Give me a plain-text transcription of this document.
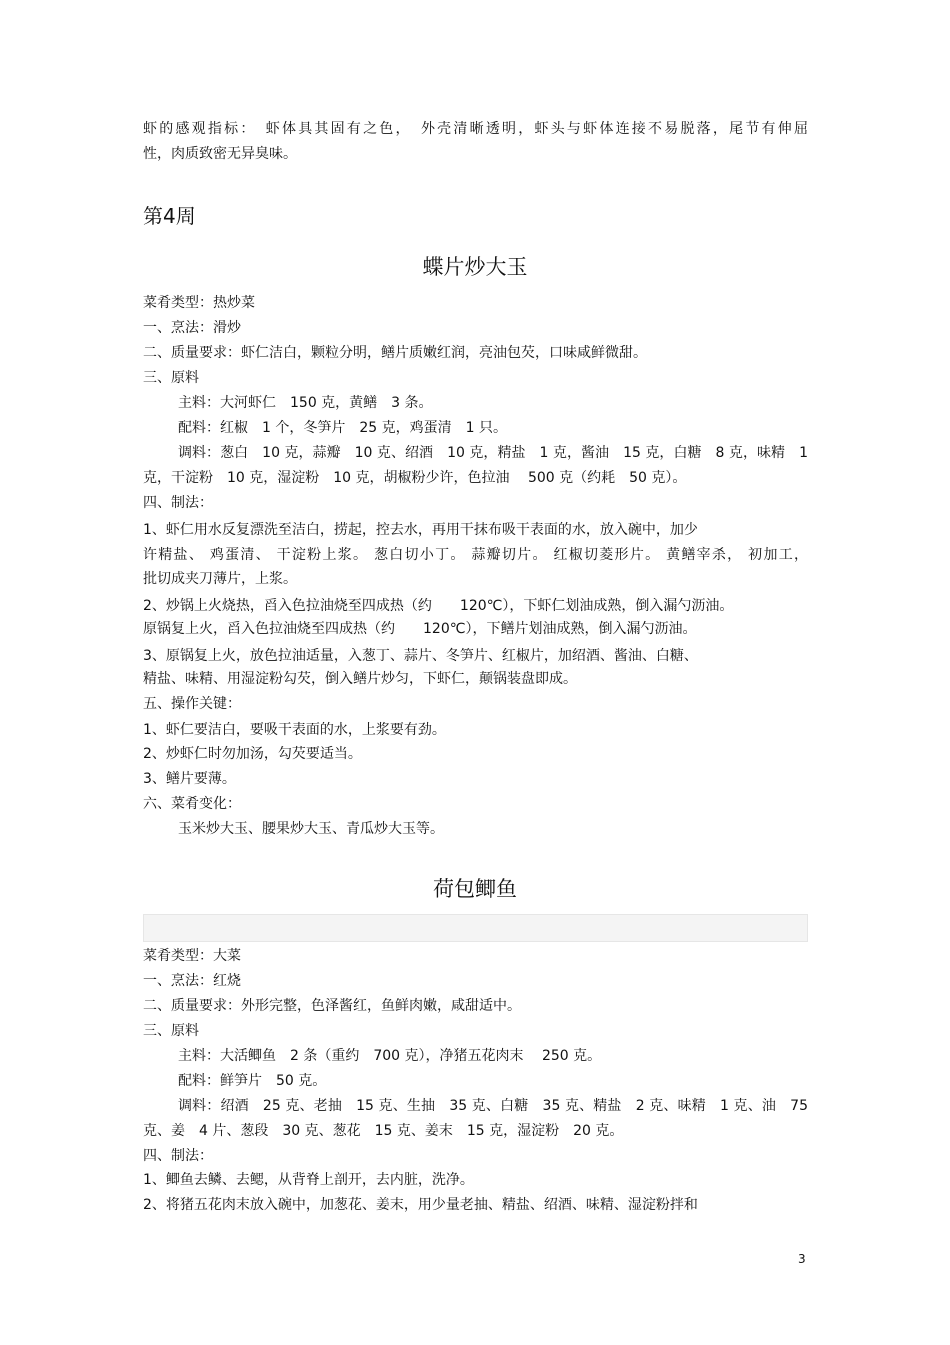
虾的感观指标：　虾体具其固有之色，　外壳清晰透明，虾头与虾体连接不易脱落，尾节有伸屈
性，肉质致密无异臭味。
第4周
蝶片炒大玉
菜肴类型：热炒菜
一、烹法：滑炒
二、质量要求：虾仁洁白，颗粒分明，鳝片质嫩红润，亮油包芡，口味咸鲜微甜。
三、原料
主料：大河虾仁　150 克，黄鳝　3 条。
配料：红椒　1 个，冬笋片　25 克，鸡蛋清　1 只。
调料：葱白　10 克，蒜瓣　10 克、绍酒　10 克，精盐　1 克，酱油　15 克，白糖　8 克，味精　1
克，干淀粉　10 克，湿淀粉　10 克，胡椒粉少许，色拉油　 500 克（约耗　50 克）。
四、制法：
1、虾仁用水反复漂洗至洁白，捞起，控去水，再用干抹布吸干表面的水，放入碗中，加少
许精盐、 鸡蛋清、 干淀粉上浆。 葱白切小丁。 蒜瓣切片。 红椒切菱形片。 黄鳝宰杀， 初加工，
批切成夹刀薄片，上浆。
2、炒锅上火烧热，舀入色拉油烧至四成热（约　　120℃），下虾仁划油成熟，倒入漏勺沥油。
原锅复上火，舀入色拉油烧至四成热（约　　120℃），下鳝片划油成熟，倒入漏勺沥油。
3、原锅复上火，放色拉油适量，入葱丁、蒜片、冬笋片、红椒片，加绍酒、酱油、白糖、
精盐、味精、用湿淀粉勾芡，倒入鳝片炒匀，下虾仁，颠锅装盘即成。
五、操作关键：
1、虾仁要洁白，要吸干表面的水，上浆要有劲。
2、炒虾仁时勿加汤，勾芡要适当。
3、鳝片要薄。
六、菜肴变化：
玉米炒大玉、腰果炒大玉、青瓜炒大玉等。
荷包鲫鱼
菜肴类型：大菜
一、烹法：红烧
二、质量要求：外形完整，色泽酱红，鱼鲜肉嫩，咸甜适中。
三、原料
主料：大活鲫鱼　2 条（重约　700 克），净猪五花肉末　 250 克。
配料：鲜笋片　50 克。
调料：绍酒　25 克、老抽　15 克、生抽　35 克、白糖　35 克、精盐　2 克、味精　1 克、油　75
克、姜　4 片、葱段　30 克、葱花　15 克、姜末　15 克，湿淀粉　20 克。
四、制法：
1、鲫鱼去鳞、去鳃，从背脊上剖开，去内脏，洗净。
2、将猪五花肉末放入碗中，加葱花、姜末，用少量老抽、精盐、绍酒、味精、湿淀粉拌和
3
